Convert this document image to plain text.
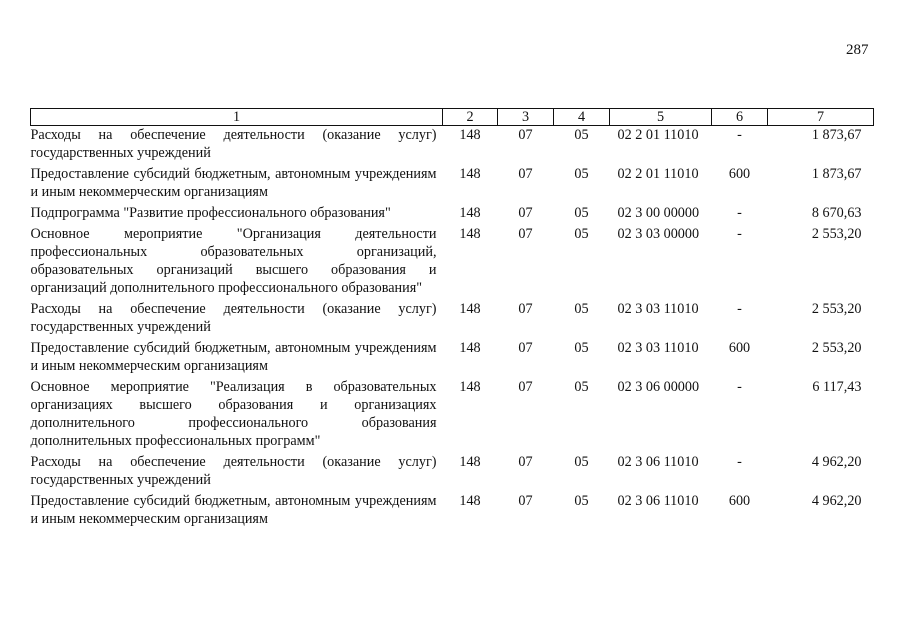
287
1	2	3	4	5	6	7
Расходы на обеспечение деятельности (оказание услуг) государственных учреждений	148	07	05	02 2 01 11010	-	1 873,67
Предоставление субсидий бюджетным, автономным учреждениям и иным некоммерческим организациям	148	07	05	02 2 01 11010	600	1 873,67
Подпрограмма "Развитие профессионального образования"	148	07	05	02 3 00 00000	-	8 670,63
Основное мероприятие "Организация деятельности профессиональных образовательных организаций, образовательных организаций высшего образования и организаций дополнительного профессионального образования"	148	07	05	02 3 03 00000	-	2 553,20
Расходы на обеспечение деятельности (оказание услуг) государственных учреждений	148	07	05	02 3 03 11010	-	2 553,20
Предоставление субсидий бюджетным, автономным учреждениям и иным некоммерческим организациям	148	07	05	02 3 03 11010	600	2 553,20
Основное мероприятие "Реализация в образовательных организациях высшего образования и организациях дополнительного профессионального образования дополнительных профессиональных программ"	148	07	05	02 3 06 00000	-	6 117,43
Расходы на обеспечение деятельности (оказание услуг) государственных учреждений	148	07	05	02 3 06 11010	-	4 962,20
Предоставление субсидий бюджетным, автономным учреждениям и иным некоммерческим организациям	148	07	05	02 3 06 11010	600	4 962,20
